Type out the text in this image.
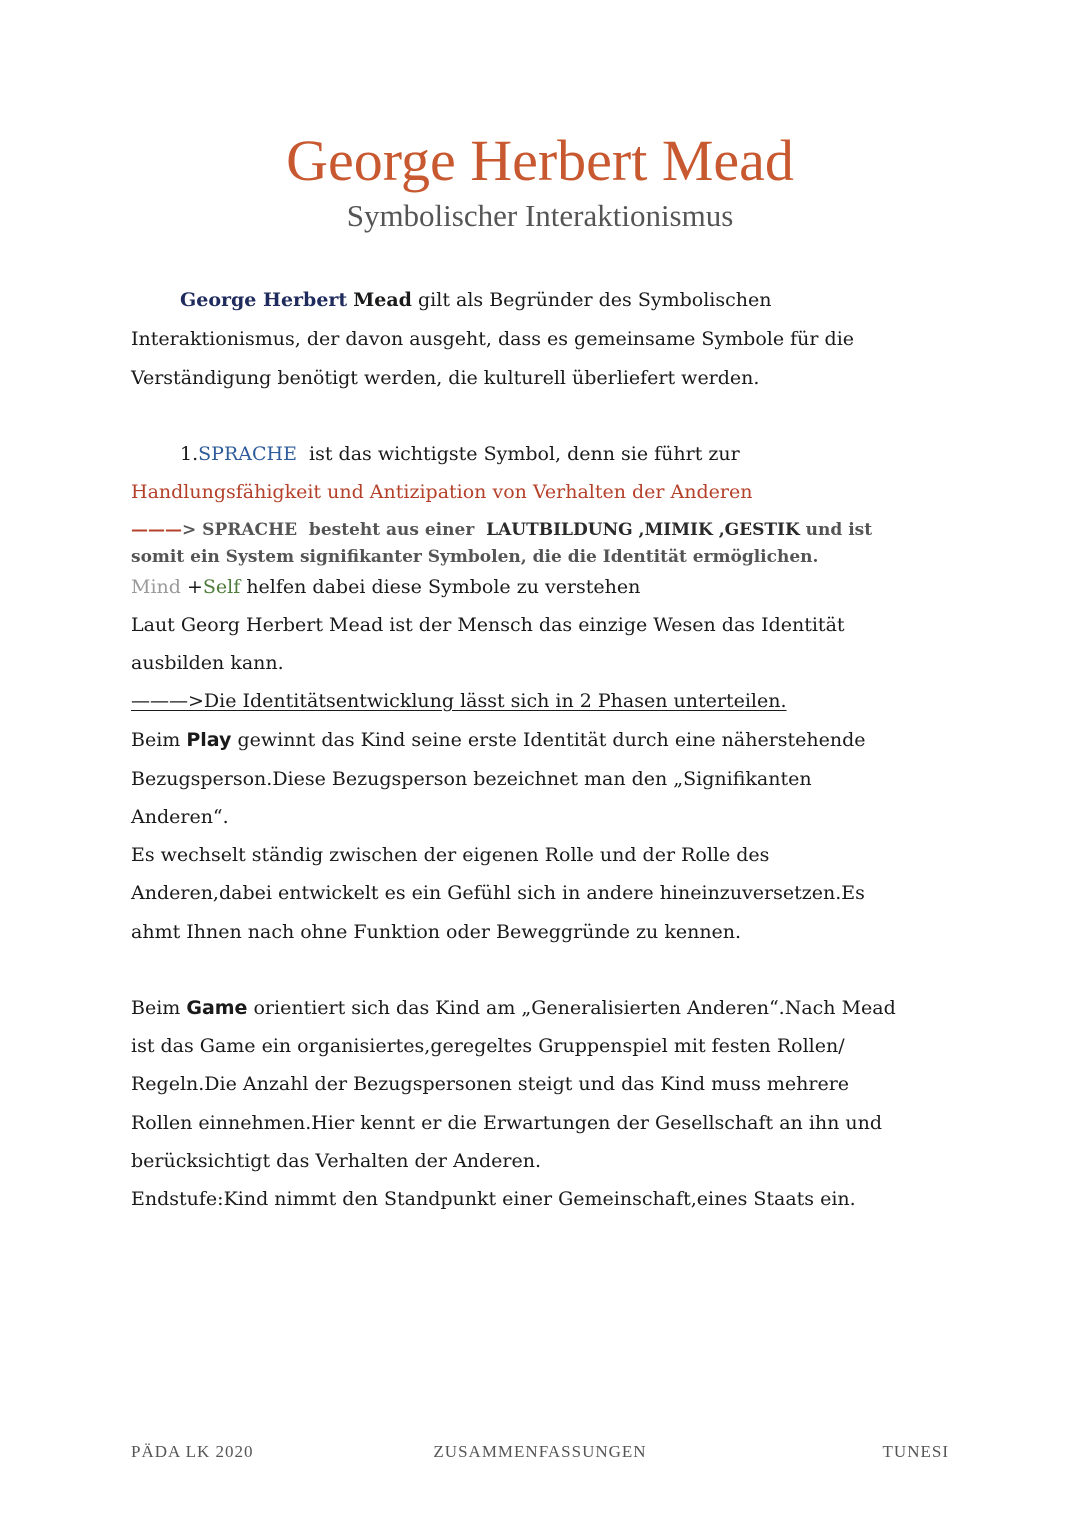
George Herbert Mead
Symbolischer Interaktionismus
George Herbert Mead gilt als Begründer des Symbolischen
Interaktionismus, der davon ausgeht, dass es gemeinsame Symbole für die
Verständigung benötigt werden, die kulturell überliefert werden.
1.SPRACHE  ist das wichtigste Symbol, denn sie führt zur
Handlungsfähigkeit und Antizipation von Verhalten der Anderen
———> SPRACHE  besteht aus einer  LAUTBILDUNG ,MIMIK ,GESTIK und ist
somit ein System signifikanter Symbolen, die die Identität ermöglichen.
Mind +Self helfen dabei diese Symbole zu verstehen
Laut Georg Herbert Mead ist der Mensch das einzige Wesen das Identität
ausbilden kann.
———>Die Identitätsentwicklung lässt sich in 2 Phasen unterteilen.
Beim Play gewinnt das Kind seine erste Identität durch eine näherstehende
Bezugsperson.Diese Bezugsperson bezeichnet man den „Signifikanten
Anderen“.
Es wechselt ständig zwischen der eigenen Rolle und der Rolle des
Anderen,dabei entwickelt es ein Gefühl sich in andere hineinzuversetzen.Es
ahmt Ihnen nach ohne Funktion oder Beweggründe zu kennen.
Beim Game orientiert sich das Kind am „Generalisierten Anderen“.Nach Mead
ist das Game ein organisiertes,geregeltes Gruppenspiel mit festen Rollen/
Regeln.Die Anzahl der Bezugspersonen steigt und das Kind muss mehrere
Rollen einnehmen.Hier kennt er die Erwartungen der Gesellschaft an ihn und
berücksichtigt das Verhalten der Anderen.
Endstufe:Kind nimmt den Standpunkt einer Gemeinschaft,eines Staats ein.
PÄDA LK 2020	ZUSAMMENFASSUNGEN	TUNESI
